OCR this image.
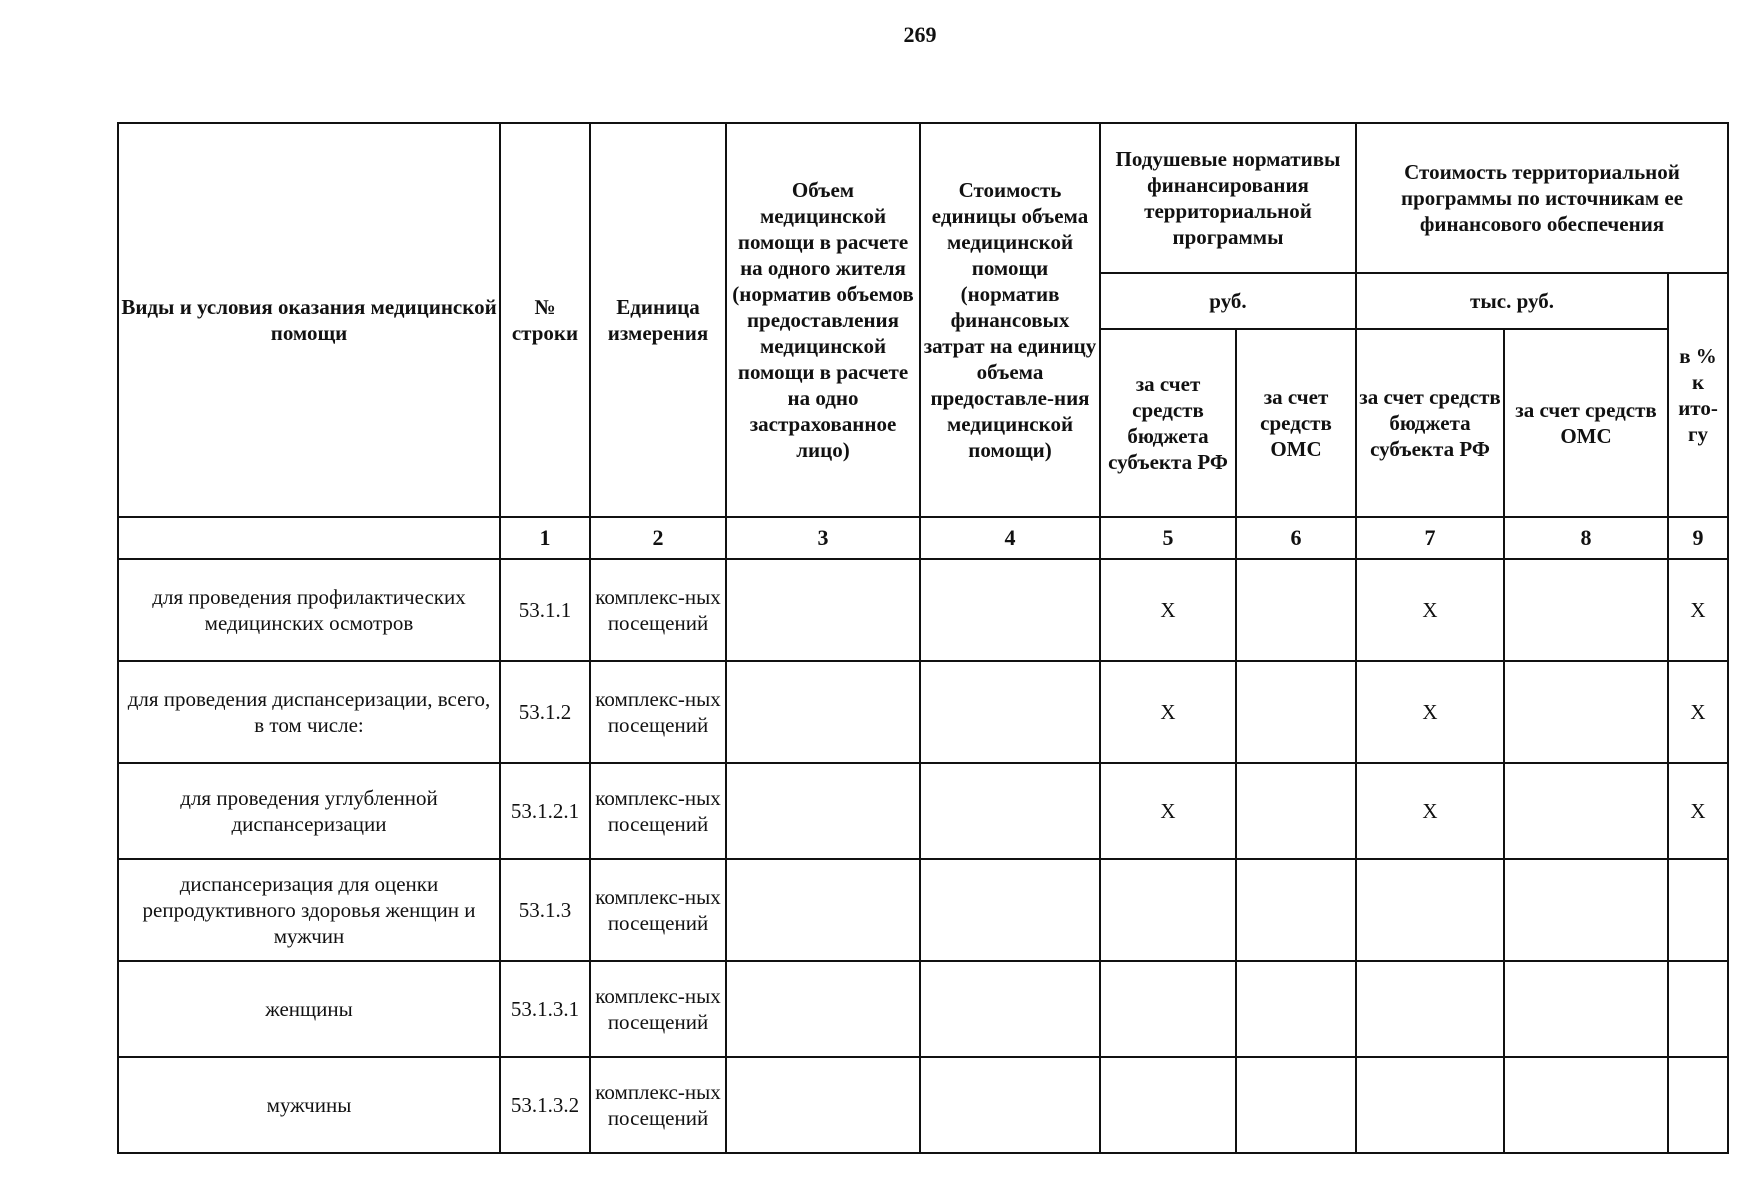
269
Виды и условия оказания медицинской помощи	№ строки	Единица измерения	Объем медицинской помощи в расчете на одного жителя (норматив объемов предоставления медицинской помощи в расчете на одно застрахованное лицо)	Стоимость единицы объема медицинской помощи (норматив финансовых затрат на единицу объема предоставле-ния медицинской помощи)	Подушевые нормативы финансирования территориальной программы		Стоимость территориальной программы по источникам ее финансового обеспечения		
					руб.		тыс. руб.		в % к ито-гу
					за счет средств бюджета субъекта РФ	за счет средств ОМС	за счет средств бюджета субъекта РФ	за счет средств ОМС	
	1	2	3	4	5	6	7	8	9
для проведения профилактических медицинских осмотров	53.1.1	комплекс-ных посещений			Х		Х		Х
для проведения диспансеризации, всего, в том числе:	53.1.2	комплекс-ных посещений			Х		Х		Х
для проведения углубленной диспансеризации	53.1.2.1	комплекс-ных посещений			Х		Х		Х
диспансеризация для оценки репродуктивного здоровья женщин и мужчин	53.1.3	комплекс-ных посещений							
женщины	53.1.3.1	комплекс-ных посещений							
мужчины	53.1.3.2	комплекс-ных посещений							
